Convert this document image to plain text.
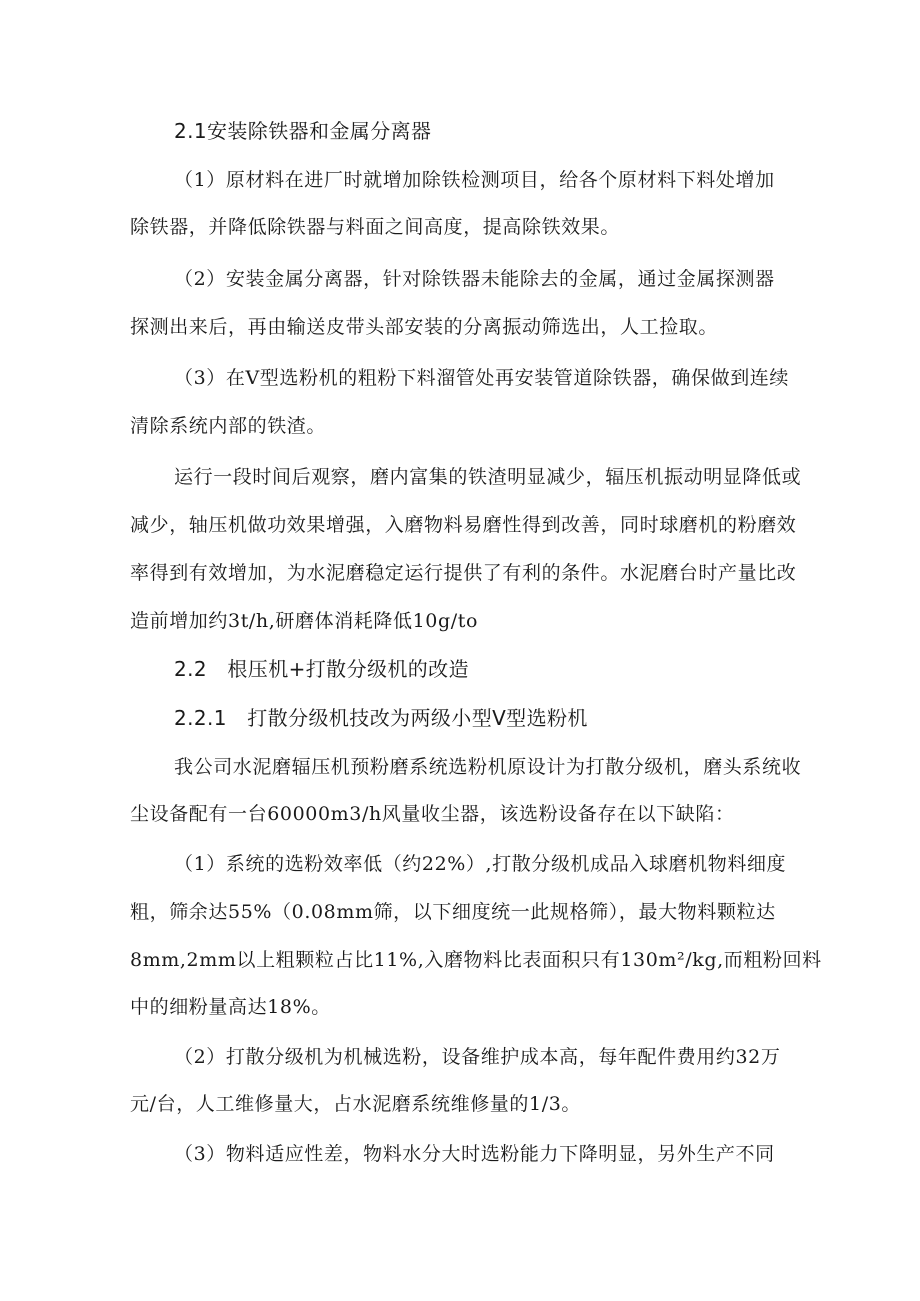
2.1安装除铁器和金属分离器
（1）原材料在进厂时就增加除铁检测项目，给各个原材料下料处增加
除铁器，并降低除铁器与料面之间高度，提高除铁效果。
（2）安装金属分离器，针对除铁器未能除去的金属，通过金属探测器
探测出来后，再由输送皮带头部安装的分离振动筛选出，人工捡取。
（3）在V型选粉机的粗粉下料溜管处再安装管道除铁器，确保做到连续
清除系统内部的铁渣。
运行一段时间后观察，磨内富集的铁渣明显减少，辐压机振动明显降低或
减少，轴压机做功效果增强，入磨物料易磨性得到改善，同时球磨机的粉磨效
率得到有效增加，为水泥磨稳定运行提供了有利的条件。水泥磨台时产量比改
造前增加约3t/h,研磨体消耗降低10g/to
2.2　根压机+打散分级机的改造
2.2.1　打散分级机技改为两级小型V型选粉机
我公司水泥磨辐压机预粉磨系统选粉机原设计为打散分级机，磨头系统收
尘设备配有一台60000m3/h风量收尘器，该选粉设备存在以下缺陷：
（1）系统的选粉效率低（约22%）,打散分级机成品入球磨机物料细度
粗，筛余达55%（0.08mm筛，以下细度统一此规格筛），最大物料颗粒达
8mm,2mm以上粗颗粒占比11%,入磨物料比表面积只有130m²/kg,而粗粉回料
中的细粉量高达18%。
（2）打散分级机为机械选粉，设备维护成本高，每年配件费用约32万
元/台，人工维修量大，占水泥磨系统维修量的1/3。
（3）物料适应性差，物料水分大时选粉能力下降明显，另外生产不同
